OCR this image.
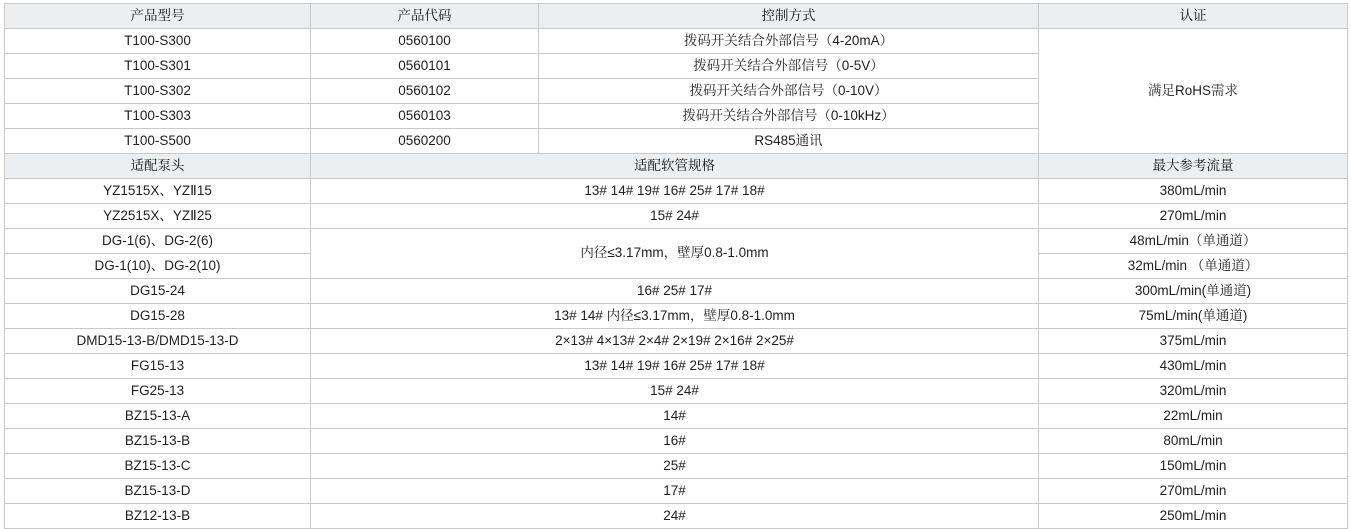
产品型号	产品代码	控制方式	认证
T100-S300	0560100	拨码开关结合外部信号（4-20mA）	满足RoHS需求
T100-S301	0560101	拨码开关结合外部信号（0-5V）	
T100-S302	0560102	拨码开关结合外部信号（0-10V）	
T100-S303	0560103	拨码开关结合外部信号（0-10kHz）	
T100-S500	0560200	RS485通讯	
适配泵头	适配软管规格		最大参考流量
YZ1515X、YZⅡ15	13# 14# 19# 16# 25# 17# 18#		380mL/min
YZ2515X、YZⅡ25	15# 24#		270mL/min
DG-1(6)、DG-2(6)	内径≤3.17mm，壁厚0.8-1.0mm		48mL/min（单通道）
DG-1(10)、DG-2(10)			32mL/min （单通道）
DG15-24	16# 25# 17#		300mL/min(单通道)
DG15-28	13# 14# 内径≤3.17mm，壁厚0.8-1.0mm		75mL/min(单通道)
DMD15-13-B/DMD15-13-D	2×13# 4×13# 2×4# 2×19# 2×16# 2×25#		375mL/min
FG15-13	13# 14# 19# 16# 25# 17# 18#		430mL/min
FG25-13	15# 24#		320mL/min
BZ15-13-A	14#		22mL/min
BZ15-13-B	16#		80mL/min
BZ15-13-C	25#		150mL/min
BZ15-13-D	17#		270mL/min
BZ12-13-B	24#		250mL/min
